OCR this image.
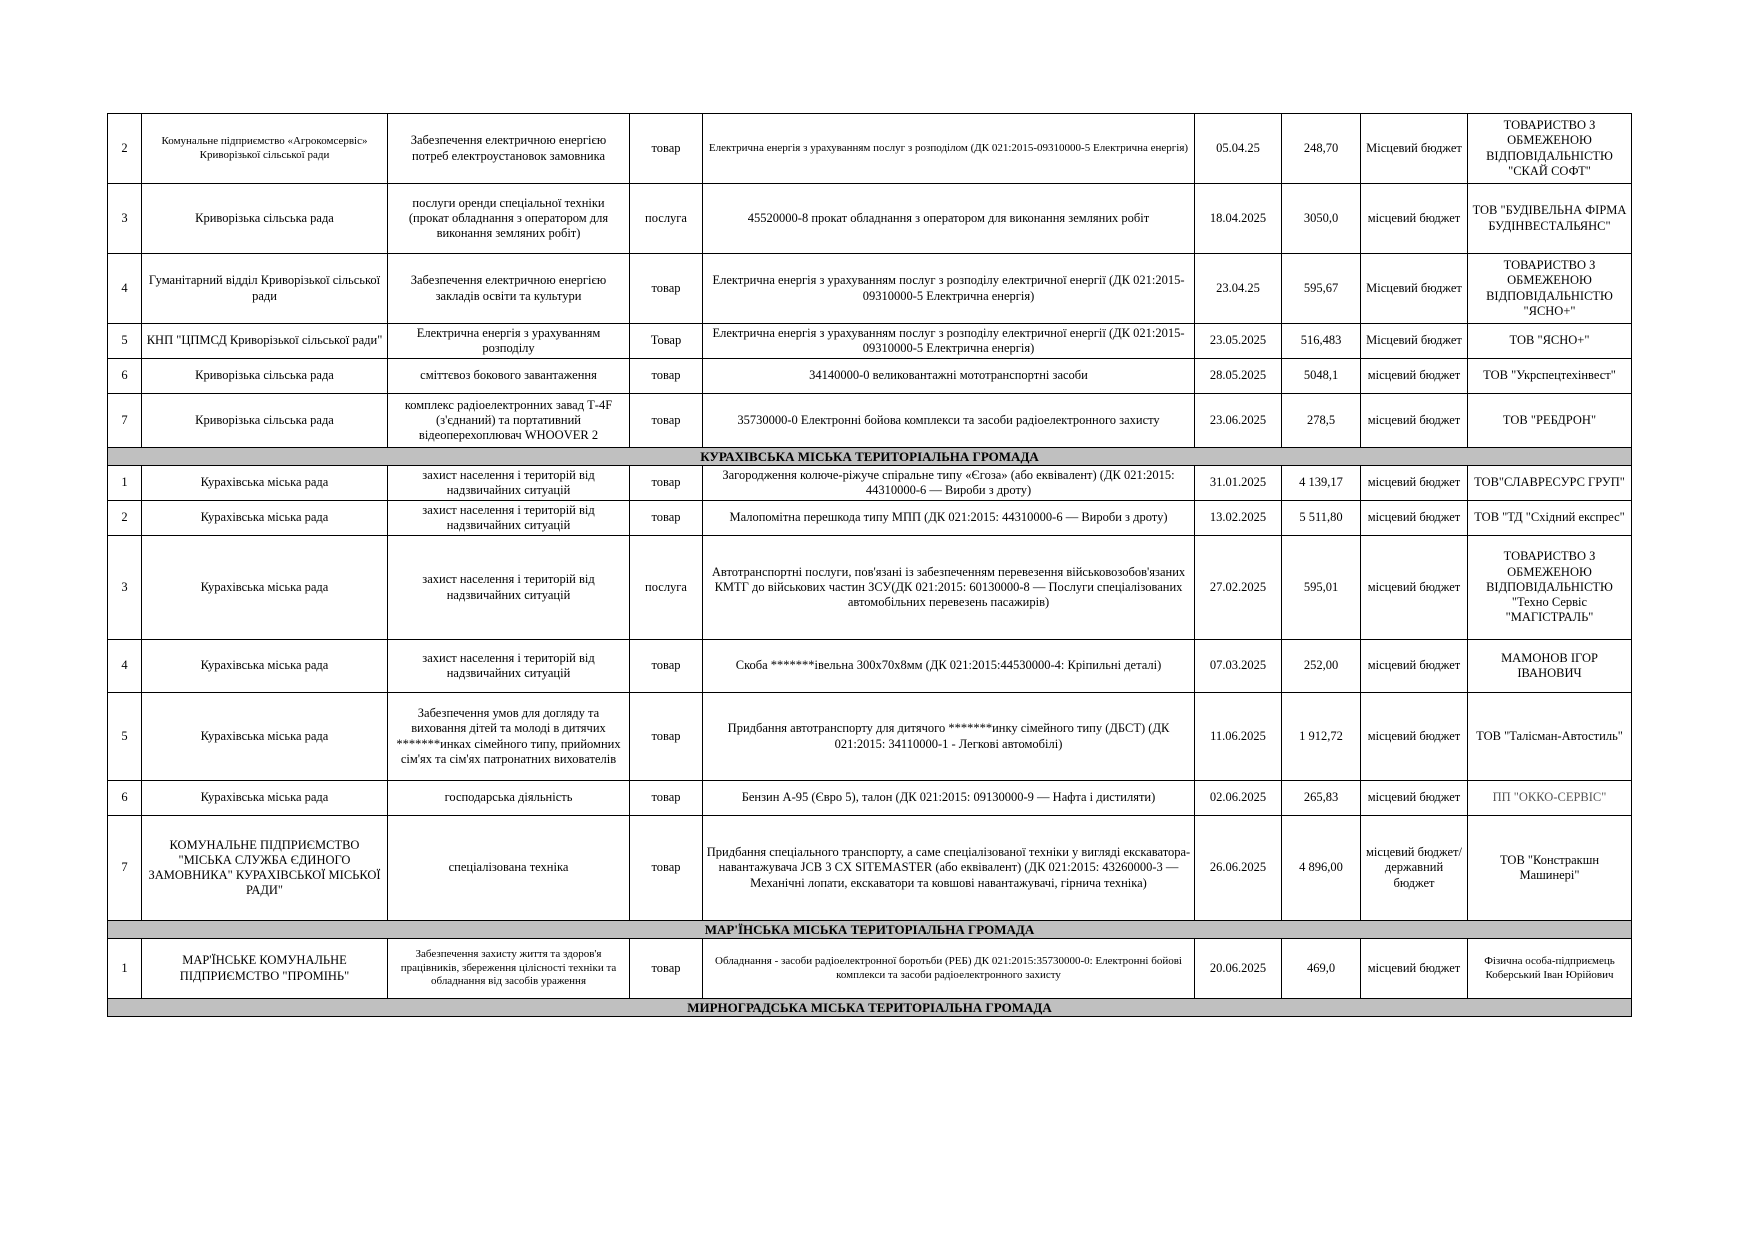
2	Комунальне підприємство «Агрокомсервіс» Криворізької сільської ради	Забезпечення електричною енергією потреб електроустановок замовника	товар	Електрична енергія з урахуванням послуг з розподілом (ДК 021:2015-09310000-5 Електрична енергія)	05.04.25	248,70	Місцевий бюджет	ТОВАРИСТВО З ОБМЕЖЕНОЮ ВІДПОВІДАЛЬНІСТЮ "СКАЙ СОФТ"
3	Криворізька сільська рада	послуги оренди спеціальної техніки (прокат обладнання з оператором для виконання земляних робіт)	послуга	45520000-8 прокат обладнання з оператором для виконання земляних робіт	18.04.2025	3050,0	місцевий бюджет	ТОВ "БУДІВЕЛЬНА ФІРМА БУДІНВЕСТАЛЬЯНС"
4	Гуманітарний відділ Криворізької сільської ради	Забезпечення електричною енергією закладів освіти та культури	товар	Електрична енергія з урахуванням послуг з розподілу електричної енергії (ДК 021:2015-09310000-5 Електрична енергія)	23.04.25	595,67	Місцевий бюджет	ТОВАРИСТВО З ОБМЕЖЕНОЮ ВІДПОВІДАЛЬНІСТЮ "ЯСНО+"
5	КНП "ЦПМСД Криворізької сільської ради"	Електрична енергія з урахуванням розподілу	Товар	Електрична енергія з урахуванням послуг з розподілу електричної енергії (ДК 021:2015-09310000-5 Електрична енергія)	23.05.2025	516,483	Місцевий бюджет	ТОВ "ЯСНО+"
6	Криворізька сільська рада	сміттєвоз бокового завантаження	товар	34140000-0 великовантажні мототранспортні засоби	28.05.2025	5048,1	місцевий бюджет	ТОВ "Укрспецтехінвест"
7	Криворізька сільська рада	комплекс радіоелектронних завад Т-4F (з'єднаний) та портативний відеоперехоплювач WHOOVER 2	товар	35730000-0 Електронні бойова комплекси та засоби радіоелектронного захисту	23.06.2025	278,5	місцевий бюджет	ТОВ "РЕБДРОН"
КУРАХІВСЬКА МІСЬКА ТЕРИТОРІАЛЬНА ГРОМАДА								
1	Курахівська міська рада	захист населення і територій від надзвичайних ситуацій	товар	Загородження колюче-ріжуче спіральне типу «Єгоза» (або еквівалент) (ДК 021:2015: 44310000-6 — Вироби з дроту)	31.01.2025	4 139,17	місцевий бюджет	ТОВ"СЛАВРЕСУРС ГРУП"
2	Курахівська міська рада	захист населення і територій від надзвичайних ситуацій	товар	Малопомітна перешкода типу МПП (ДК 021:2015: 44310000-6 — Вироби з дроту)	13.02.2025	5 511,80	місцевий бюджет	ТОВ "ТД "Східний експрес"
3	Курахівська міська рада	захист населення і територій від надзвичайних ситуацій	послуга	Автотранспортні послуги, пов'язані із забезпеченням перевезення військовозобов'язаних КМТГ до військових частин ЗСУ(ДК 021:2015: 60130000-8 — Послуги спеціалізованих автомобільних перевезень пасажирів)	27.02.2025	595,01	місцевий бюджет	ТОВАРИСТВО З ОБМЕЖЕНОЮ ВІДПОВІДАЛЬНІСТЮ "Техно Сервіс "МАГІСТРАЛЬ"
4	Курахівська міська рада	захист населення і територій від надзвичайних ситуацій	товар	Скоба *******івельна 300х70х8мм (ДК 021:2015:44530000-4: Кріпильні деталі)	07.03.2025	252,00	місцевий бюджет	МАМОНОВ ІГОР ІВАНОВИЧ
5	Курахівська міська рада	Забезпечення умов для догляду та виховання дітей та молоді в дитячих *******инках сімейного типу, прийомних сім'ях та сім'ях патронатних вихователів	товар	Придбання автотранспорту для дитячого *******инку сімейного типу (ДБСТ) (ДК 021:2015: 34110000-1 - Легкові автомобілі)	11.06.2025	1 912,72	місцевий бюджет	ТОВ "Талісман-Автостиль"
6	Курахівська міська рада	господарська діяльність	товар	Бензин А-95 (Євро 5), талон (ДК 021:2015: 09130000-9 — Нафта і дистиляти)	02.06.2025	265,83	місцевий бюджет	ПП "ОККО-СЕРВІС"
7	КОМУНАЛЬНЕ ПІДПРИЄМСТВО "МІСЬКА СЛУЖБА ЄДИНОГО ЗАМОВНИКА" КУРАХІВСЬКОЇ МІСЬКОЇ РАДИ"	спеціалізована техніка	товар	Придбання спеціального транспорту, а саме спеціалізованої техніки у вигляді екскаватора-навантажувача JCB 3 CX SITEMASTER (або еквівалент) (ДК 021:2015: 43260000-3 — Механічні лопати, екскаватори та ковшові навантажувачі, гірнича техніка)	26.06.2025	4 896,00	місцевий бюджет/державний бюджет	ТОВ "Констракшн Машинері"
МАР'ЇНСЬКА МІСЬКА ТЕРИТОРІАЛЬНА ГРОМАДА								
1	МАР'ЇНСЬКЕ КОМУНАЛЬНЕ ПІДПРИЄМСТВО "ПРОМІНЬ"	Забезпечення захисту життя та здоров'я працівників, збереження цілісності техніки та обладнання від засобів ураження	товар	Обладнання - засоби радіоелектронної боротьби (РЕБ) ДК 021:2015:35730000-0: Електронні бойові комплекси та засоби радіоелектронного захисту	20.06.2025	469,0	місцевий бюджет	Фізична особа-підприємець Коберський Іван Юрійович
МИРНОГРАДСЬКА МІСЬКА ТЕРИТОРІАЛЬНА ГРОМАДА								
